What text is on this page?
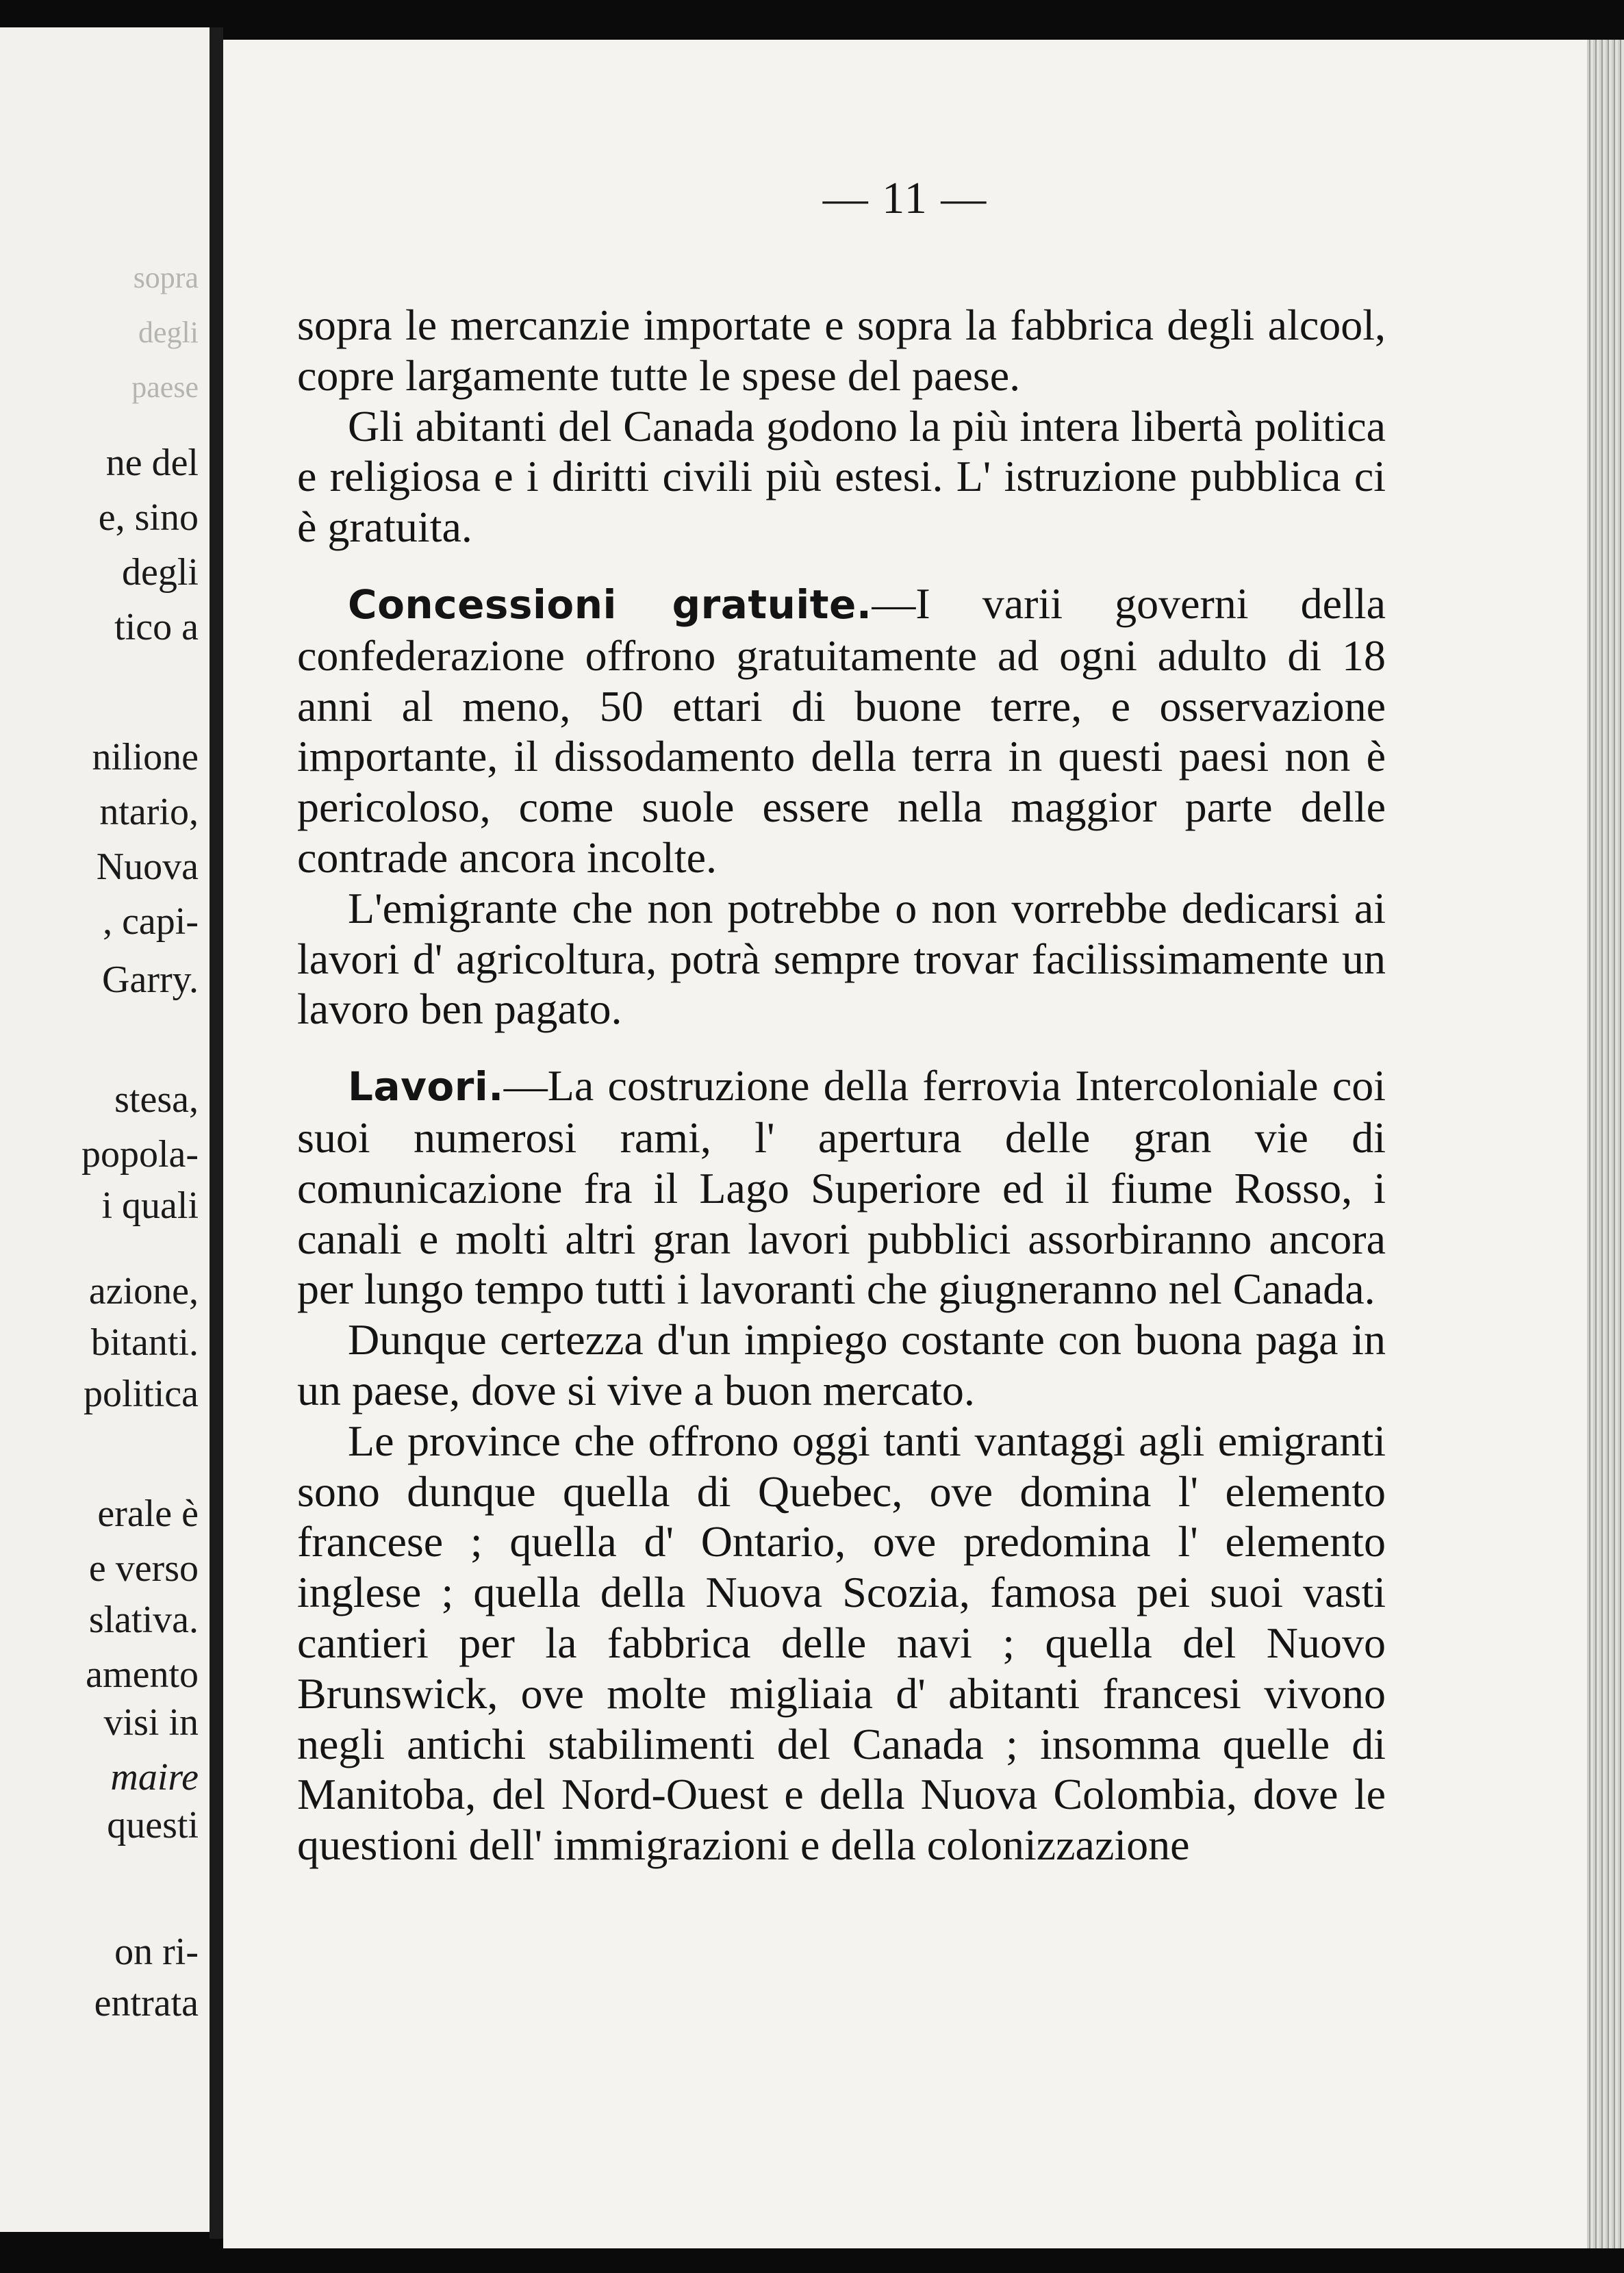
sopra
degli
paese
ne del
e, sino
degli
tico a
nilione
ntario,
Nuova
, capi-
Garry.
stesa,
popola-
i quali
azione,
bitanti.
politica
erale è
e verso
slativa.
amento
visi in
maire
questi
on ri-
entrata
— 11 —

sopra le mercanzie importate e sopra la fabbrica degli alcool, copre largamente tutte le spese del paese.

Gli abitanti del Canada godono la più intera libertà politica e religiosa e i diritti civili più estesi. L' istruzione pubblica ci è gratuita.

Concessioni gratuite.—I varii governi della confederazione offrono gratuitamente ad ogni adulto di 18 anni al meno, 50 ettari di buone terre, e osservazione importante, il dissodamento della terra in questi paesi non è pericoloso, come suole essere nella maggior parte delle contrade ancora incolte.

L'emigrante che non potrebbe o non vorrebbe dedicarsi ai lavori d' agricoltura, potrà sempre trovar facilissimamente un lavoro ben pagato.

Lavori.—La costruzione della ferrovia Intercoloniale coi suoi numerosi rami, l' apertura delle gran vie di comunicazione fra il Lago Superiore ed il fiume Rosso, i canali e molti altri gran lavori pubblici assorbiranno ancora per lungo tempo tutti i lavoranti che giugneranno nel Canada.

Dunque certezza d'un impiego costante con buona paga in un paese, dove si vive a buon mercato.

Le province che offrono oggi tanti vantaggi agli emigranti sono dunque quella di Quebec, ove domina l' elemento francese ; quella d' Ontario, ove predomina l' elemento inglese ; quella della Nuova Scozia, famosa pei suoi vasti cantieri per la fabbrica delle navi ; quella del Nuovo Brunswick, ove molte migliaia d' abitanti francesi vivono negli antichi stabilimenti del Canada ; insomma quelle di Manitoba, del Nord-Ouest e della Nuova Colombia, dove le questioni dell' immigrazioni e della colonizzazione
